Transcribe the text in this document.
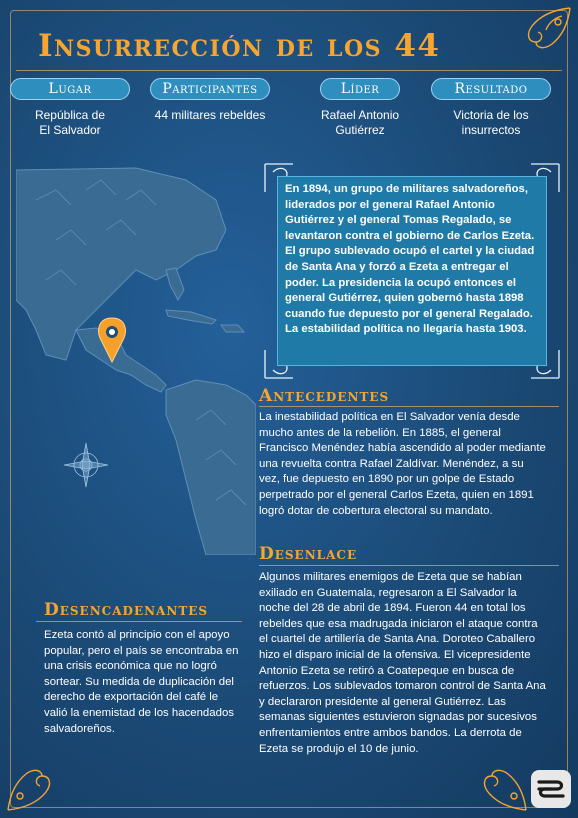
Insurrección de los 44
Lugar
República de El Salvador
Participantes
44 militares rebeldes
Líder
Rafael Antonio Gutiérrez
Resultado
Victoria de los insurrectos

En 1894, un grupo de militares salvadoreños, liderados por el general Rafael Antonio Gutiérrez y el general Tomas Regalado, se levantaron contra el gobierno de Carlos Ezeta. El grupo sublevado ocupó el cartel y la ciudad de Santa Ana y forzó a Ezeta a entregar el poder. La presidencia la ocupó entonces el general Gutiérrez, quien gobernó hasta 1898 cuando fue depuesto por el general Regalado. La estabilidad política no llegaría hasta 1903.

Antecedentes

La inestabilidad política en El Salvador venía desde mucho antes de la rebelión. En 1885, el general Francisco Menéndez había ascendido al poder mediante una revuelta contra Rafael Zaldívar. Menéndez, a su vez, fue depuesto en 1890 por un golpe de Estado perpetrado por el general Carlos Ezeta, quien en 1891 logró dotar de cobertura electoral su mandato.

Desenlace

Algunos militares enemigos de Ezeta que se habían exiliado en Guatemala, regresaron a El Salvador la noche del 28 de abril de 1894. Fueron 44 en total los rebeldes que esa madrugada iniciaron el ataque contra el cuartel de artillería de Santa Ana. Doroteo Caballero hizo el disparo inicial de la ofensiva. El vicepresidente Antonio Ezeta se retiró a Coatepeque en busca de refuerzos. Los sublevados tomaron control de Santa Ana y declararon presidente al general Gutiérrez. Las semanas siguientes estuvieron signadas por sucesivos enfrentamientos entre ambos bandos. La derrota de Ezeta se produjo el 10 de junio.

Desencadenantes

Ezeta contó al principio con el apoyo popular, pero el país se encontraba en una crisis económica que no logró sortear. Su medida de duplicación del derecho de exportación del café le valió la enemistad de los hacendados salvadoreños.
